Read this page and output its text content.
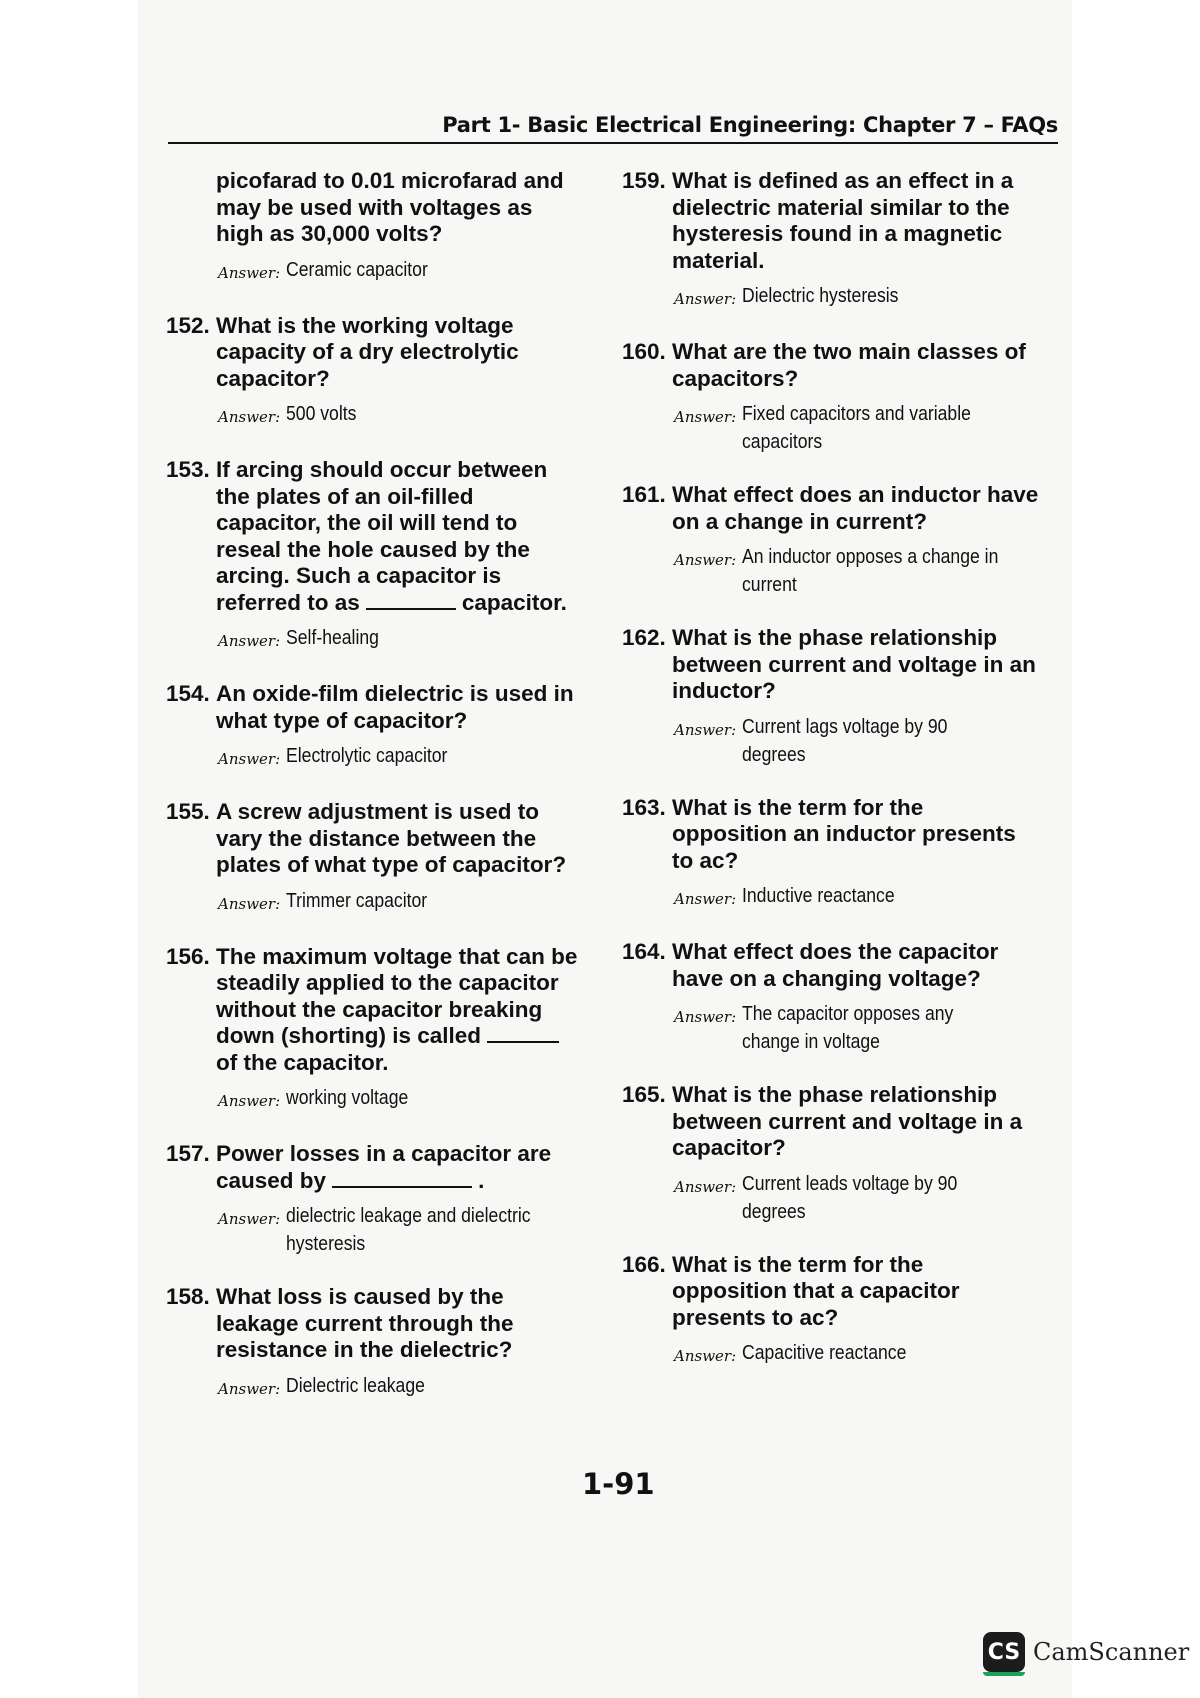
Part 1- Basic Electrical Engineering: Chapter 7 – FAQs
picofarad to 0.01 microfarad and
may be used with voltages as
high as 30,000 volts?
Answer: Ceramic capacitor
152. What is the working voltage
capacity of a dry electrolytic
capacitor?
Answer: 500 volts
153. If arcing should occur between
the plates of an oil-filled
capacitor, the oil will tend to
reseal the hole caused by the
arcing. Such a capacitor is
referred to as	capacitor.
Answer: Self-healing
154. An oxide-film dielectric is used in
what type of capacitor?
Answer: Electrolytic capacitor
155. A screw adjustment is used to
vary the distance between the
plates of what type of capacitor?
Answer: Trimmer capacitor
156. The maximum voltage that can be
steadily applied to the capacitor
without the capacitor breaking
down (shorting) is called
of the capacitor.
Answer: working voltage
157. Power losses in a capacitor are
caused by	.
Answer: dielectric leakage and dielectric
hysteresis
158. What loss is caused by the
leakage current through the
resistance in the dielectric?
Answer: Dielectric leakage
159. What is defined as an effect in a
dielectric material similar to the
hysteresis found in a magnetic
material.
Answer: Dielectric hysteresis
160. What are the two main classes of
capacitors?
Answer: Fixed capacitors and variable
capacitors
161. What effect does an inductor have
on a change in current?
Answer: An inductor opposes a change in
current
162. What is the phase relationship
between current and voltage in an
inductor?
Answer: Current lags voltage by 90
degrees
163. What is the term for the
opposition an inductor presents
to ac?
Answer: Inductive reactance
164. What effect does the capacitor
have on a changing voltage?
Answer: The capacitor opposes any
change in voltage
165. What is the phase relationship
between current and voltage in a
capacitor?
Answer: Current leads voltage by 90
degrees
166. What is the term for the
opposition that a capacitor
presents to ac?
Answer: Capacitive reactance
1-91
CS CamScanner
